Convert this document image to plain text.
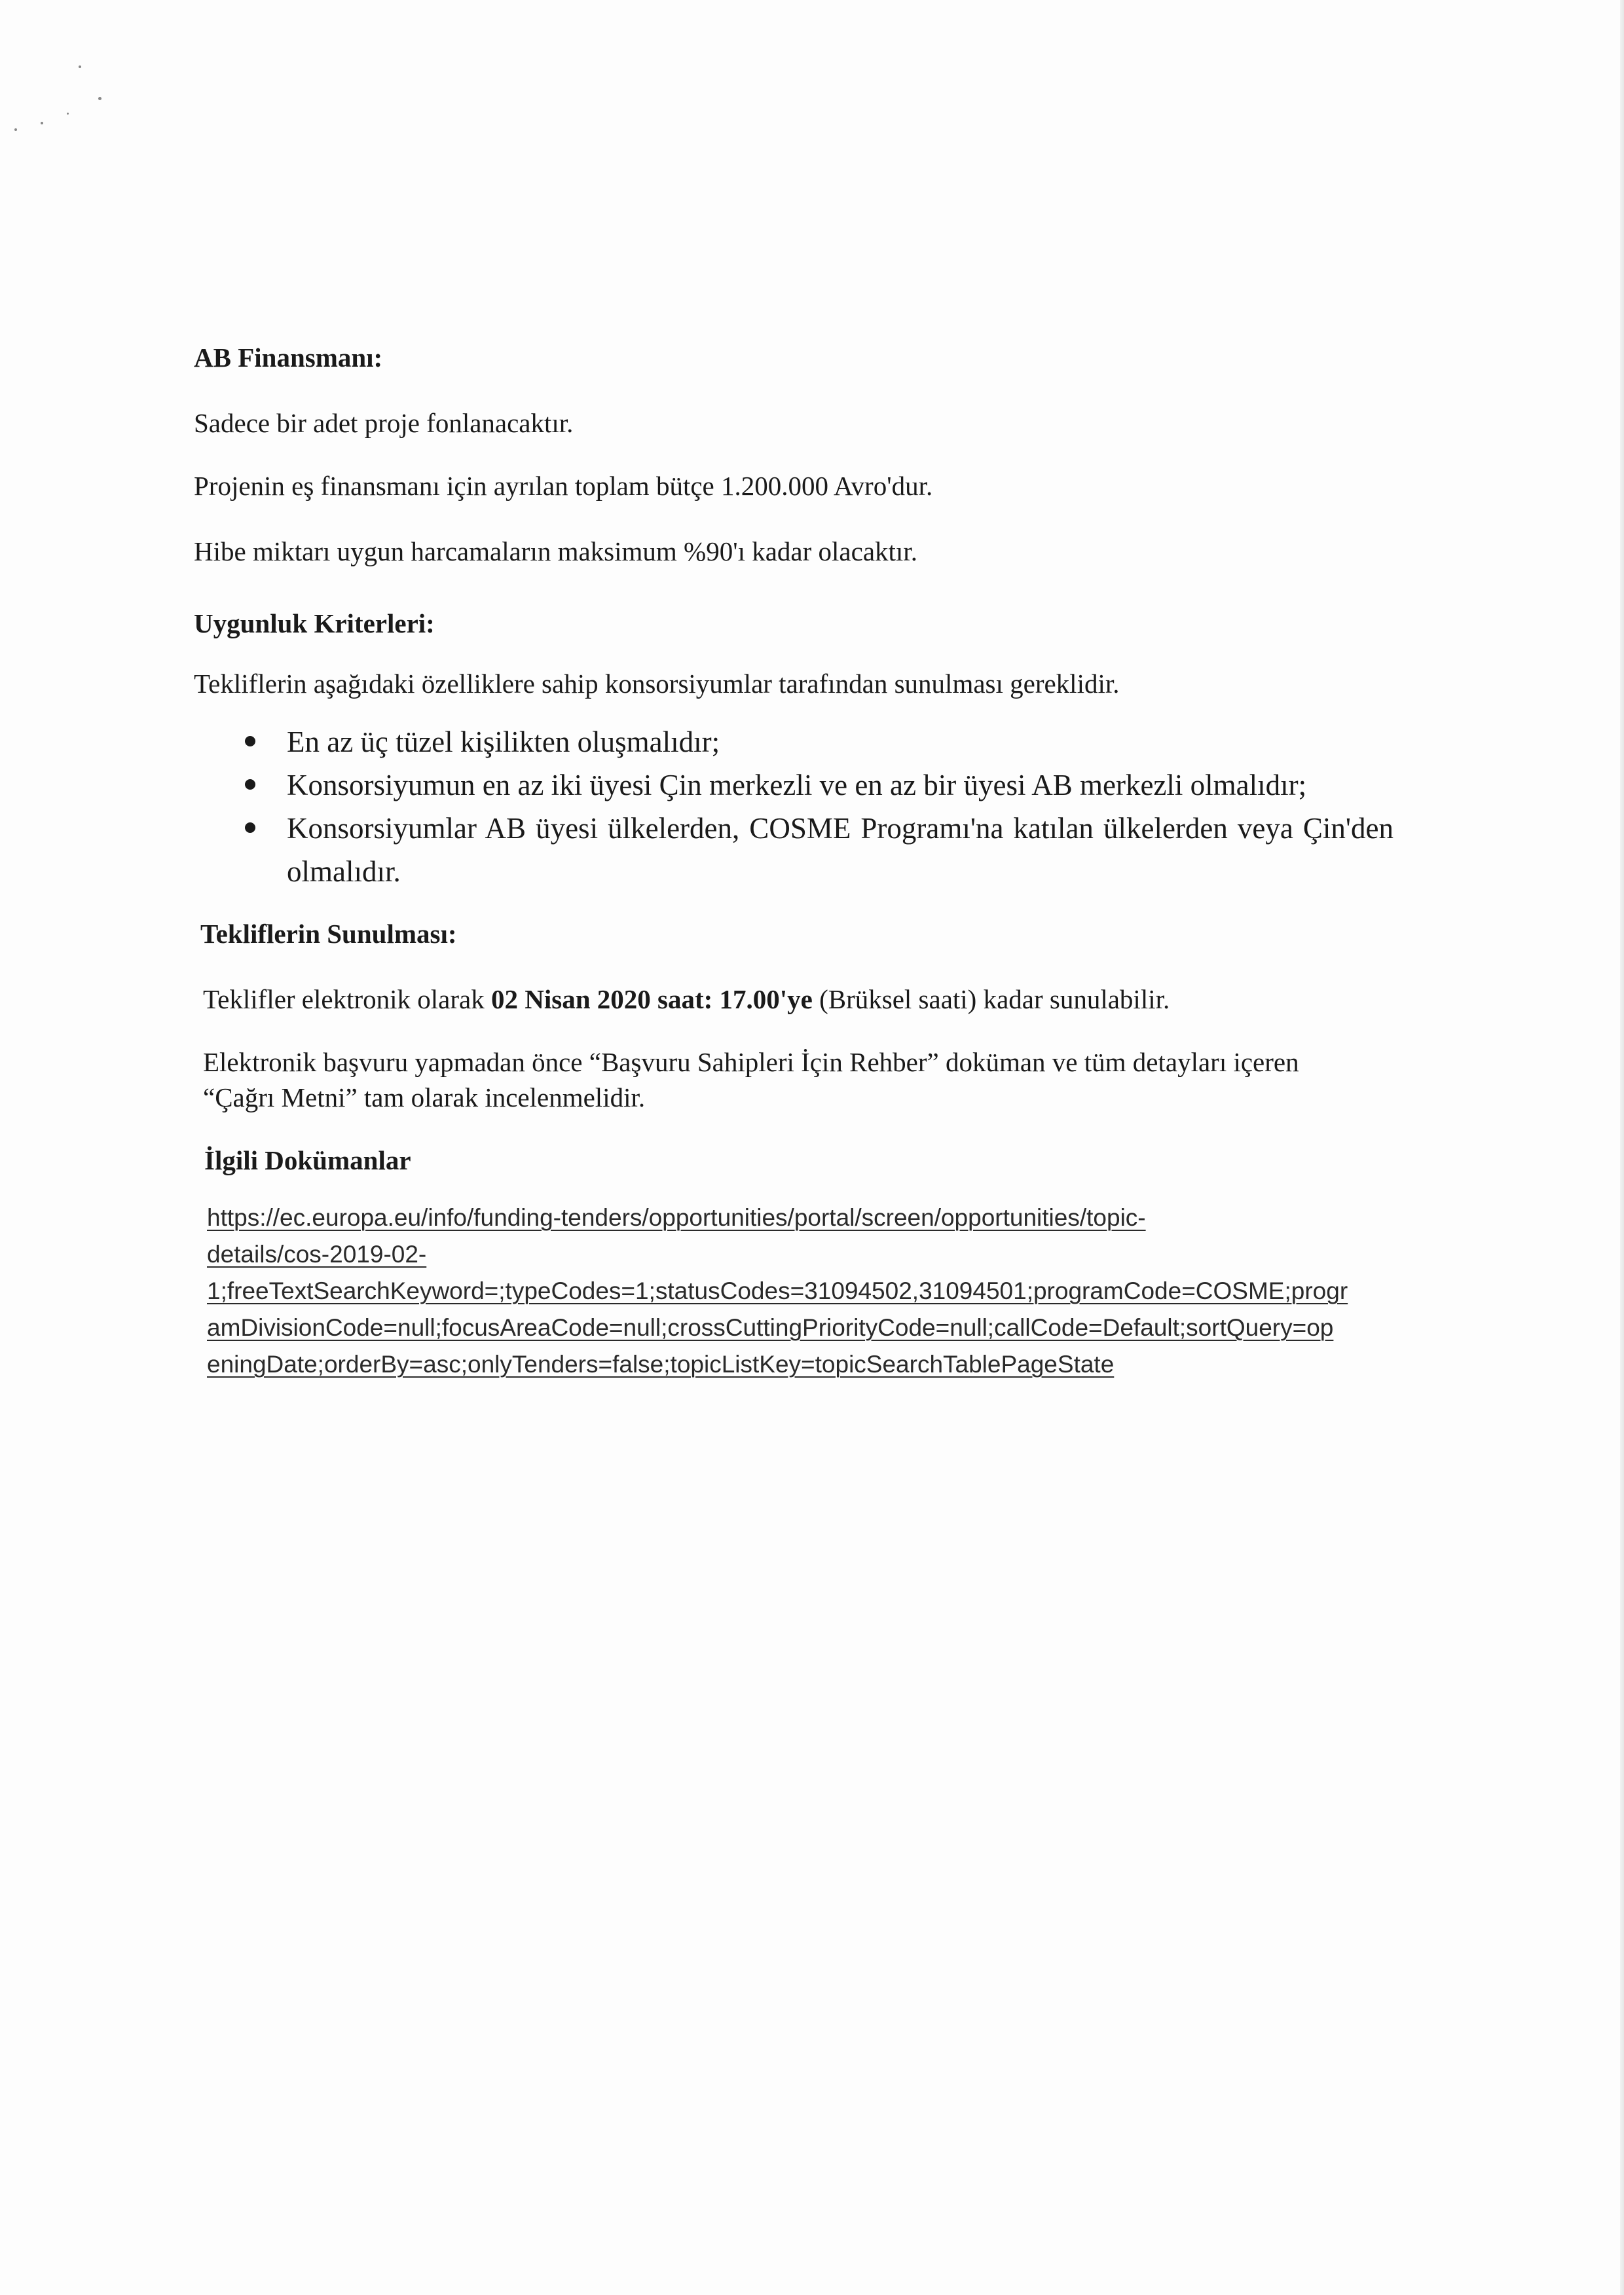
AB Finansmanı:
Sadece bir adet proje fonlanacaktır.
Projenin eş finansmanı için ayrılan toplam bütçe 1.200.000 Avro'dur.
Hibe miktarı uygun harcamaların maksimum %90'ı kadar olacaktır.
Uygunluk Kriterleri:
Tekliflerin aşağıdaki özelliklere sahip konsorsiyumlar tarafından sunulması gereklidir.
En az üç tüzel kişilikten oluşmalıdır;
Konsorsiyumun en az iki üyesi Çin merkezli ve en az bir üyesi AB merkezli olmalıdır;
Konsorsiyumlar AB üyesi ülkelerden, COSME Programı'na katılan ülkelerden veya Çin'den olmalıdır.
Tekliflerin Sunulması:
Teklifler elektronik olarak 02 Nisan 2020 saat: 17.00'ye (Brüksel saati) kadar sunulabilir.
Elektronik başvuru yapmadan önce “Başvuru Sahipleri İçin Rehber” doküman ve tüm detayları içeren
“Çağrı Metni” tam olarak incelenmelidir.
İlgili Dokümanlar
https://ec.europa.eu/info/funding-tenders/opportunities/portal/screen/opportunities/topic-
details/cos-2019-02-
1;freeTextSearchKeyword=;typeCodes=1;statusCodes=31094502,31094501;programCode=COSME;progr
amDivisionCode=null;focusAreaCode=null;crossCuttingPriorityCode=null;callCode=Default;sortQuery=op
eningDate;orderBy=asc;onlyTenders=false;topicListKey=topicSearchTablePageState
